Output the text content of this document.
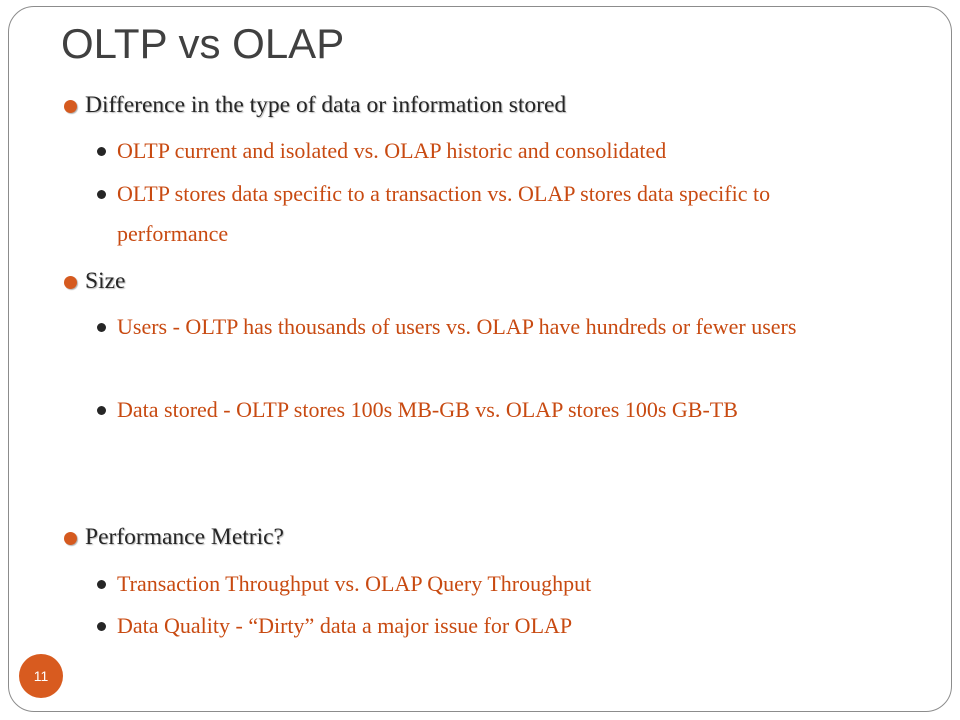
OLTP vs OLAP
Difference in the type of data or information stored
OLTP current and isolated vs. OLAP historic and consolidated
OLTP stores data specific to a transaction vs. OLAP stores data specific to performance
Size
Users - OLTP has thousands of users vs. OLAP have hundreds or fewer users
Data stored - OLTP stores 100s MB-GB vs. OLAP stores 100s GB-TB
Performance Metric?
Transaction Throughput vs. OLAP Query Throughput
Data Quality - “Dirty” data a major issue for OLAP
11
